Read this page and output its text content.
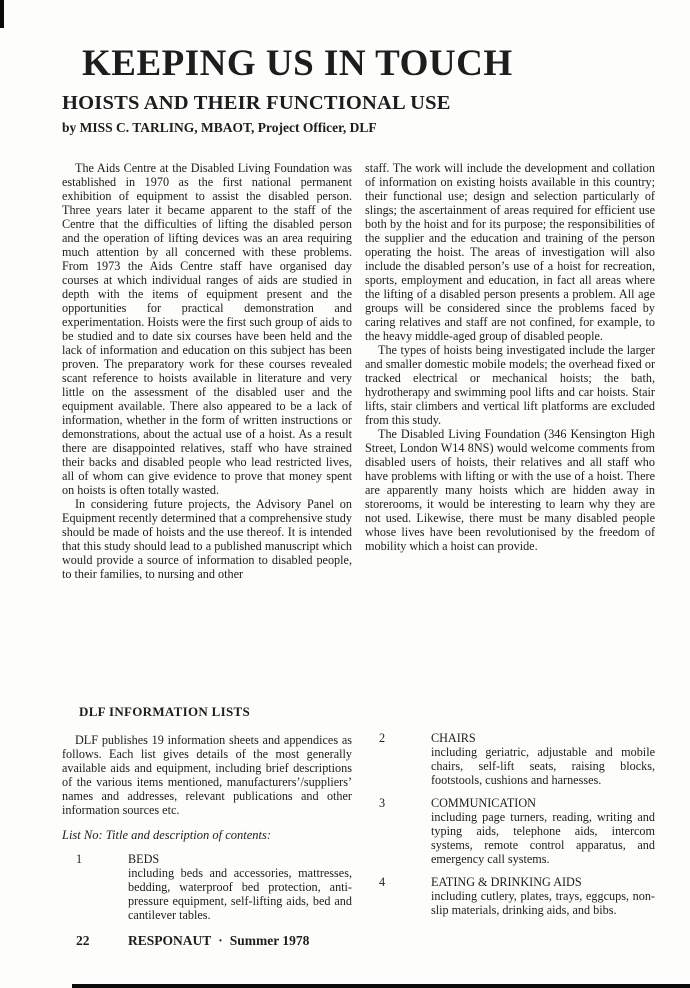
KEEPING US IN TOUCH
HOISTS AND THEIR FUNCTIONAL USE
by MISS C. TARLING, MBAOT, Project Officer, DLF

The Aids Centre at the Disabled Living Foundation was established in 1970 as the first national permanent exhibition of equipment to assist the disabled person. Three years later it became apparent to the staff of the Centre that the difficulties of lifting the disabled person and the operation of lifting devices was an area requiring much attention by all concerned with these problems. From 1973 the Aids Centre staff have organised day courses at which individual ranges of aids are studied in depth with the items of equipment present and the opportunities for practical demonstration and experimentation. Hoists were the first such group of aids to be studied and to date six courses have been held and the lack of information and education on this subject has been proven. The preparatory work for these courses revealed scant reference to hoists available in literature and very little on the assessment of the disabled user and the equipment available. There also appeared to be a lack of information, whether in the form of written instructions or demonstrations, about the actual use of a hoist. As a result there are disappointed relatives, staff who have strained their backs and disabled people who lead restricted lives, all of whom can give evidence to prove that money spent on hoists is often totally wasted.

In considering future projects, the Advisory Panel on Equipment recently determined that a comprehensive study should be made of hoists and the use thereof. It is intended that this study should lead to a published manuscript which would provide a source of information to disabled people, to their families, to nursing and other

staff. The work will include the development and collation of information on existing hoists available in this country; their functional use; design and selection particularly of slings; the ascertainment of areas required for efficient use both by the hoist and for its purpose; the responsibilities of the supplier and the education and training of the person operating the hoist. The areas of investigation will also include the disabled person’s use of a hoist for recreation, sports, employment and education, in fact all areas where the lifting of a disabled person presents a problem. All age groups will be considered since the problems faced by caring relatives and staff are not confined, for example, to the heavy middle-aged group of disabled people.

The types of hoists being investigated include the larger and smaller domestic mobile models; the overhead fixed or tracked electrical or mechanical hoists; the bath, hydrotherapy and swimming pool lifts and car hoists. Stair lifts, stair climbers and vertical lift platforms are excluded from this study.

The Disabled Living Foundation (346 Kensington High Street, London W14 8NS) would welcome comments from disabled users of hoists, their relatives and all staff who have problems with lifting or with the use of a hoist. There are apparently many hoists which are hidden away in storerooms, it would be interesting to learn why they are not used. Likewise, there must be many disabled people whose lives have been revolutionised by the freedom of mobility which a hoist can provide.

DLF INFORMATION LISTS

DLF publishes 19 information sheets and appendices as follows. Each list gives details of the most generally available aids and equipment, including brief descriptions of the various items mentioned, manufacturers’/suppliers’ names and addresses, relevant publications and other information sources etc.

List No: Title and description of contents:
1	BEDS
including beds and accessories, mattresses, bedding, waterproof bed protection, anti-pressure equipment, self-lifting aids, bed and cantilever tables.
2	CHAIRS
including geriatric, adjustable and mobile chairs, self-lift seats, raising blocks, footstools, cushions and harnesses.
3	COMMUNICATION
including page turners, reading, writing and typing aids, telephone aids, intercom systems, remote control apparatus, and emergency call systems.
4	EATING & DRINKING AIDS
including cutlery, plates, trays, eggcups, non-slip materials, drinking aids, and bibs.
22	RESPONAUT · Summer 1978
